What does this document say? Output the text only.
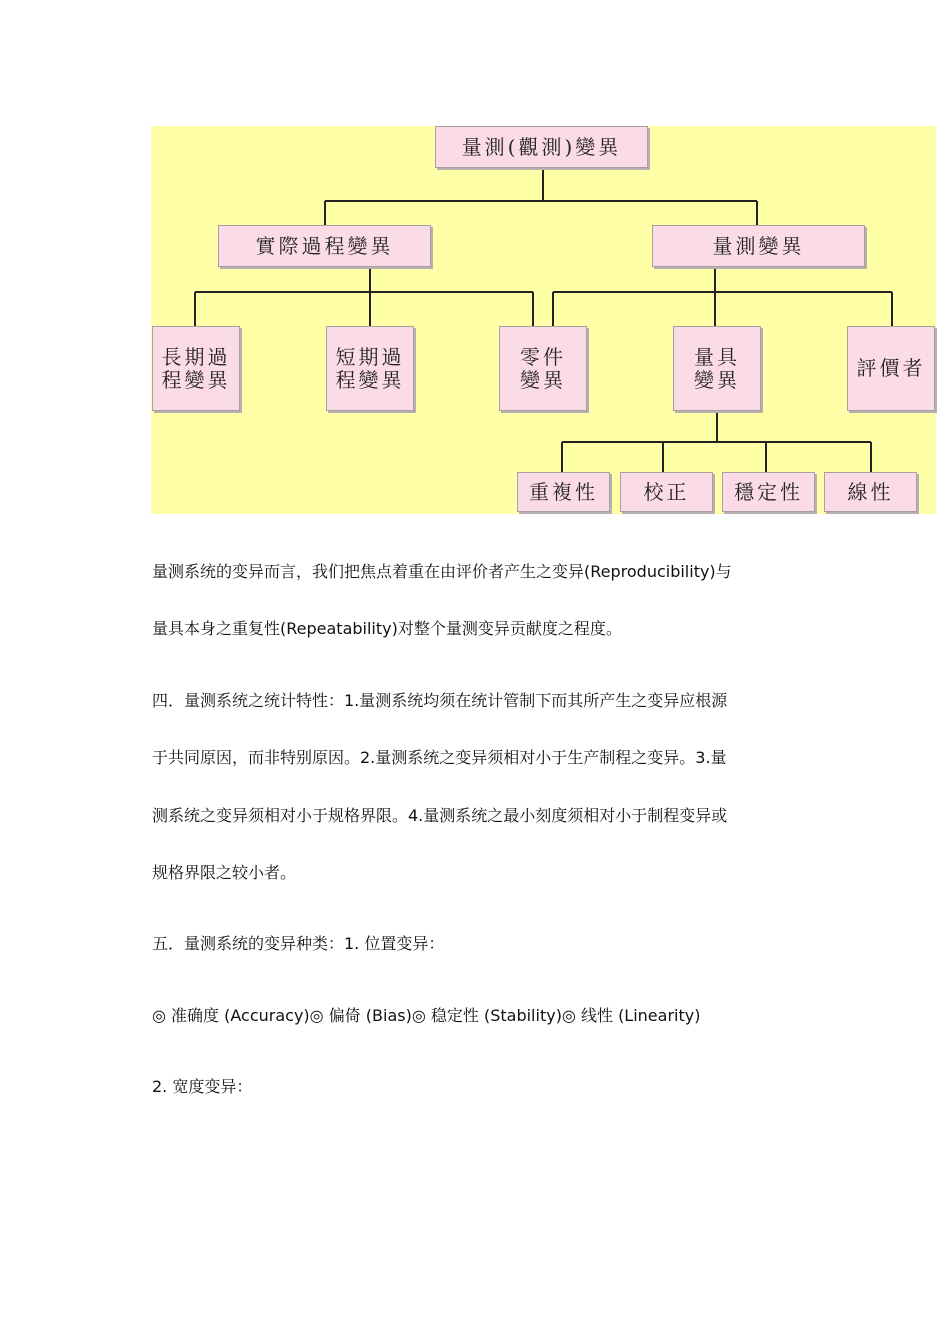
量測(觀測)變異
實際過程變異	量測變異
長期過
程變異
短期過
程變異
零件
變異
量具
變異	評價者
重複性	校正	穩定性	線性

量测系统的变异而言，我们把焦点着重在由评价者产生之变异(Reproducibility)与

量具本身之重复性(Repeatability)对整个量测变异贡献度之程度。

四．量测系统之统计特性：1.量测系统均须在统计管制下而其所产生之变异应根源

于共同原因，而非特别原因。2.量测系统之变异须相对小于生产制程之变异。3.量

测系统之变异须相对小于规格界限。4.量测系统之最小刻度须相对小于制程变异或

规格界限之较小者。

五．量测系统的变异种类：1. 位置变异：

◎ 准确度 (Accuracy)◎ 偏倚 (Bias)◎ 稳定性 (Stability)◎ 线性 (Linearity)

2. 宽度变异：
